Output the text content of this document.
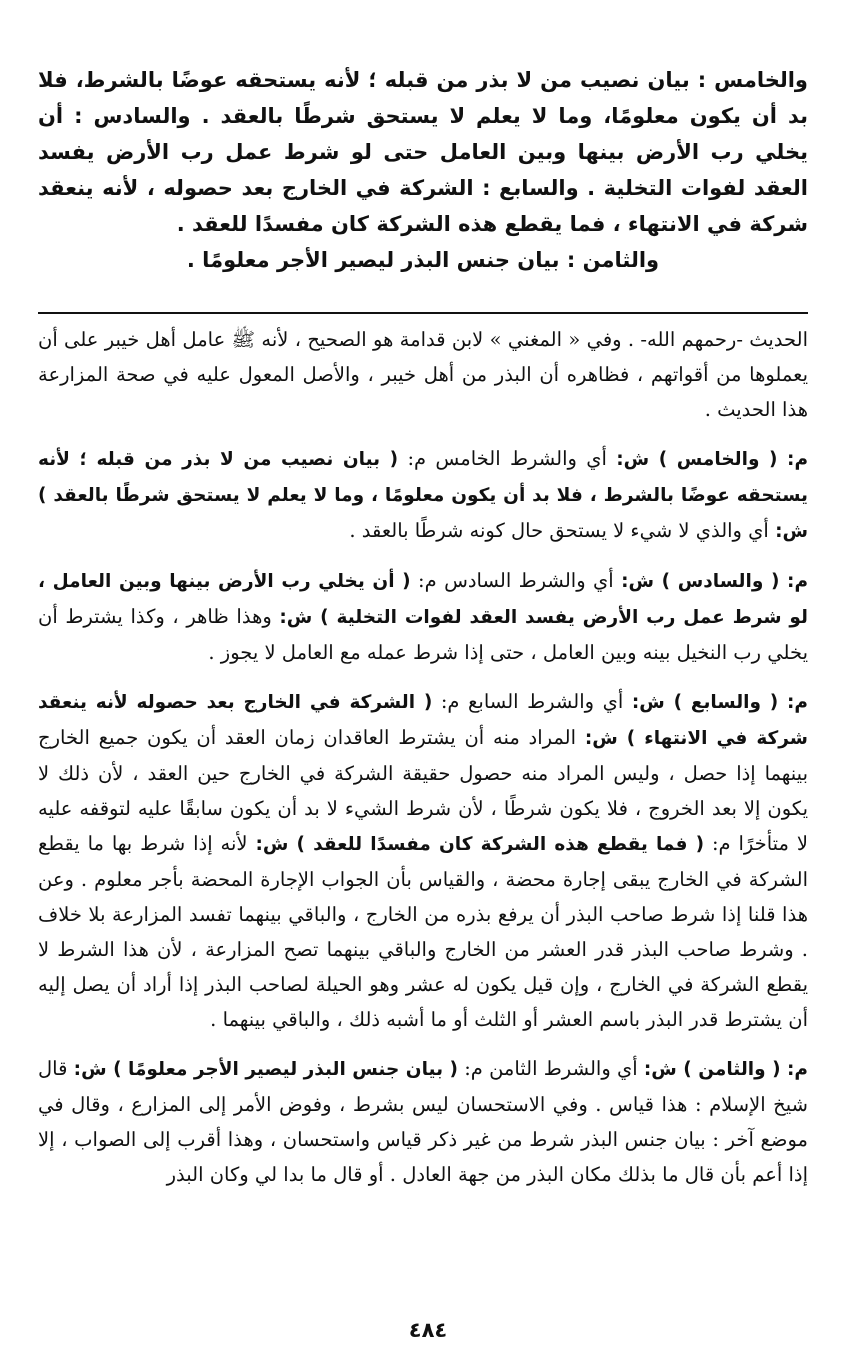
والخامس : بيان نصيب من لا بذر من قبله ؛ لأنه يستحقه عوضًا بالشرط، فلا بد أن يكون معلومًا، وما لا يعلم لا يستحق شرطًا بالعقد . والسادس : أن يخلي رب الأرض بينها وبين العامل حتى لو شرط عمل رب الأرض يفسد العقد لفوات التخلية . والسابع : الشركة في الخارج بعد حصوله ، لأنه ينعقد شركة في الانتهاء ، فما يقطع هذه الشركة كان مفسدًا للعقد .

والثامن : بيان جنس البذر ليصير الأجر معلومًا .

الحديث -رحمهم الله- . وفي « المغني » لابن قدامة هو الصحيح ، لأنه ﷺ عامل أهل خيبر على أن يعملوها من أقواتهم ، فظاهره أن البذر من أهل خيبر ، والأصل المعول عليه في صحة المزارعة هذا الحديث .

م: ( والخامس ) ش: أي والشرط الخامس م: ( بيان نصيب من لا بذر من قبله ؛ لأنه يستحقه عوضًا بالشرط ، فلا بد أن يكون معلومًا ، وما لا يعلم لا يستحق شرطًا بالعقد ) ش: أي والذي لا شيء لا يستحق حال كونه شرطًا بالعقد .

م: ( والسادس ) ش: أي والشرط السادس م: ( أن يخلي رب الأرض بينها وبين العامل ، لو شرط عمل رب الأرض يفسد العقد لفوات التخلية ) ش: وهذا ظاهر ، وكذا يشترط أن يخلي رب النخيل بينه وبين العامل ، حتى إذا شرط عمله مع العامل لا يجوز .

م: ( والسابع ) ش: أي والشرط السابع م: ( الشركة في الخارج بعد حصوله لأنه ينعقد شركة في الانتهاء ) ش: المراد منه أن يشترط العاقدان زمان العقد أن يكون جميع الخارج بينهما إذا حصل ، وليس المراد منه حصول حقيقة الشركة في الخارج حين العقد ، لأن ذلك لا يكون إلا بعد الخروج ، فلا يكون شرطًا ، لأن شرط الشيء لا بد أن يكون سابقًا عليه لتوقفه عليه لا متأخرًا م: ( فما يقطع هذه الشركة كان مفسدًا للعقد ) ش: لأنه إذا شرط بها ما يقطع الشركة في الخارج يبقى إجارة محضة ، والقياس بأن الجواب الإجارة المحضة بأجر معلوم . وعن هذا قلنا إذا شرط صاحب البذر أن يرفع بذره من الخارج ، والباقي بينهما تفسد المزارعة بلا خلاف . وشرط صاحب البذر قدر العشر من الخارج والباقي بينهما تصح المزارعة ، لأن هذا الشرط لا يقطع الشركة في الخارج ، وإن قيل يكون له عشر وهو الحيلة لصاحب البذر إذا أراد أن يصل إليه أن يشترط قدر البذر باسم العشر أو الثلث أو ما أشبه ذلك ، والباقي بينهما .

م: ( والثامن ) ش: أي والشرط الثامن م: ( بيان جنس البذر ليصير الأجر معلومًا ) ش: قال شيخ الإسلام : هذا قياس . وفي الاستحسان ليس بشرط ، وفوض الأمر إلى المزارع ، وقال في موضع آخر : بيان جنس البذر شرط من غير ذكر قياس واستحسان ، وهذا أقرب إلى الصواب ، إلا إذا أعم بأن قال ما بذلك مكان البذر من جهة العادل . أو قال ما بدا لي وكان البذر

٤٨٤
